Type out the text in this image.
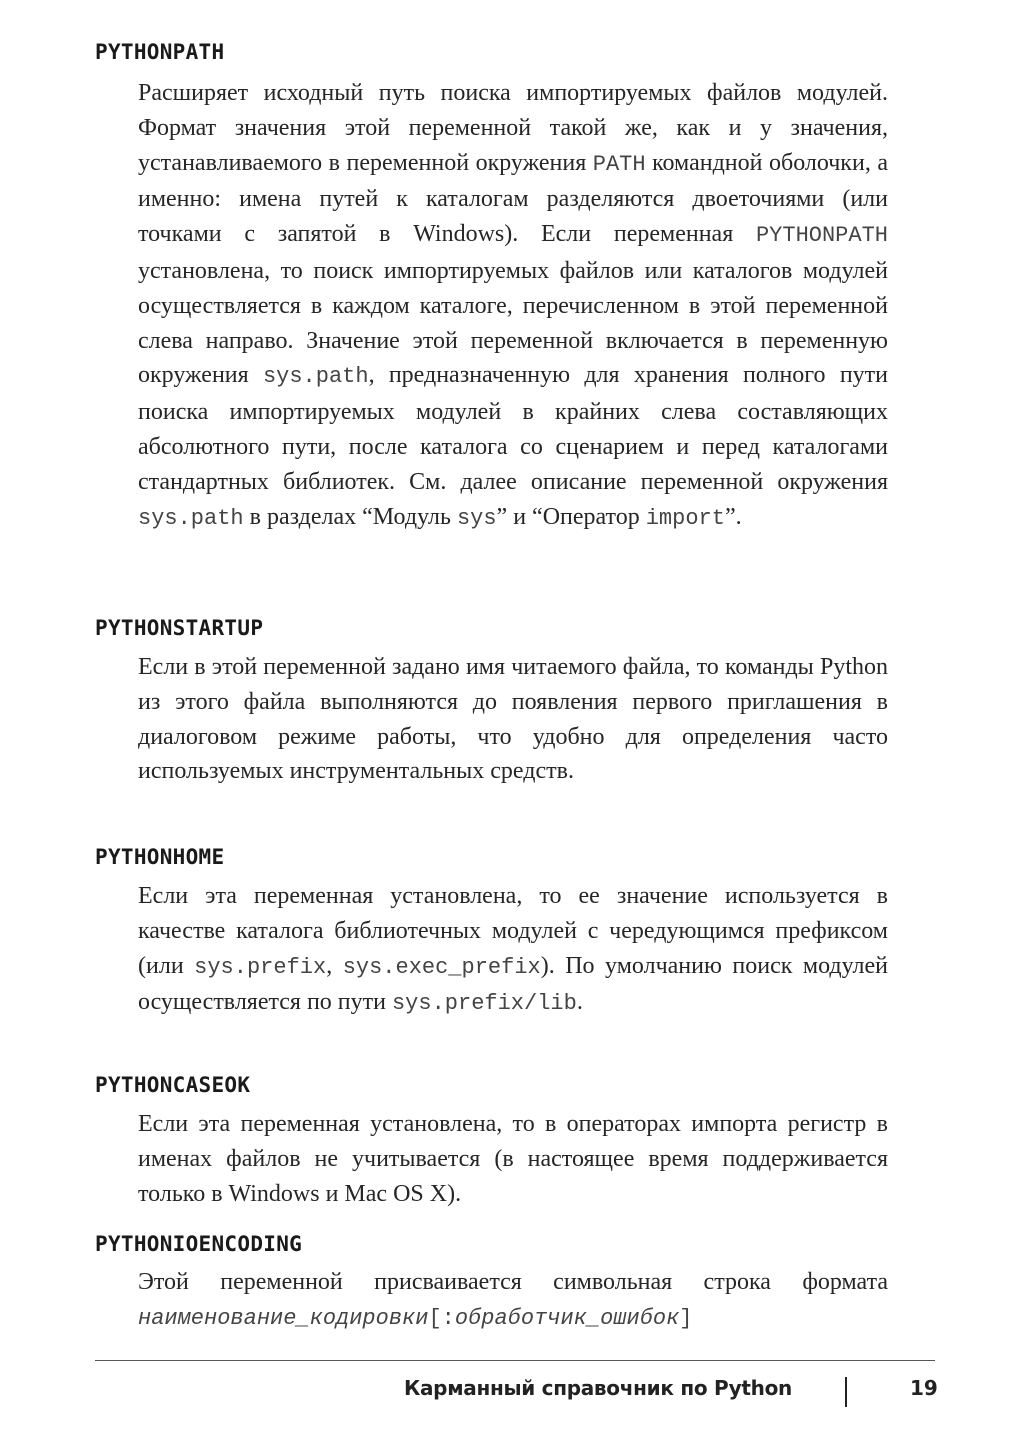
PYTHONPATH

Расширяет исходный путь поиска импортируемых файлов модулей. Формат значения этой переменной такой же, как и у значения, устанавливаемого в переменной окружения PATH командной оболочки, а именно: имена путей к каталогам разделяются двоеточиями (или точками с запятой в Windows). Если переменная PYTHONPATH установлена, то поиск импортируемых файлов или каталогов модулей осуществляется в каждом каталоге, перечисленном в этой переменной слева направо. Значение этой переменной включается в переменную окружения sys.path, предназначенную для хранения полного пути поиска импортируемых модулей в крайних слева составляющих абсолютного пути, после каталога со сценарием и перед каталогами стандартных библиотек. См. далее описание переменной окружения sys.path в разделах “Модуль sys” и “Оператор import”.

PYTHONSTARTUP

Если в этой переменной задано имя читаемого файла, то команды Python из этого файла выполняются до появления первого приглашения в диалоговом режиме работы, что удобно для определения часто используемых инструментальных средств.

PYTHONHOME

Если эта переменная установлена, то ее значение используется в качестве каталога библиотечных модулей с чередующимся префиксом (или sys.prefix, sys.exec_prefix). По умолчанию поиск модулей осуществляется по пути sys.prefix/lib.

PYTHONCASEOK

Если эта переменная установлена, то в операторах импорта регистр в именах файлов не учитывается (в настоящее время поддерживается только в Windows и Mac OS X).

PYTHONIOENCODING

Этой переменной присваивается символьная строка формата наименование_кодировки[:обработчик_ошибок]

Карманный справочник по Python	19
